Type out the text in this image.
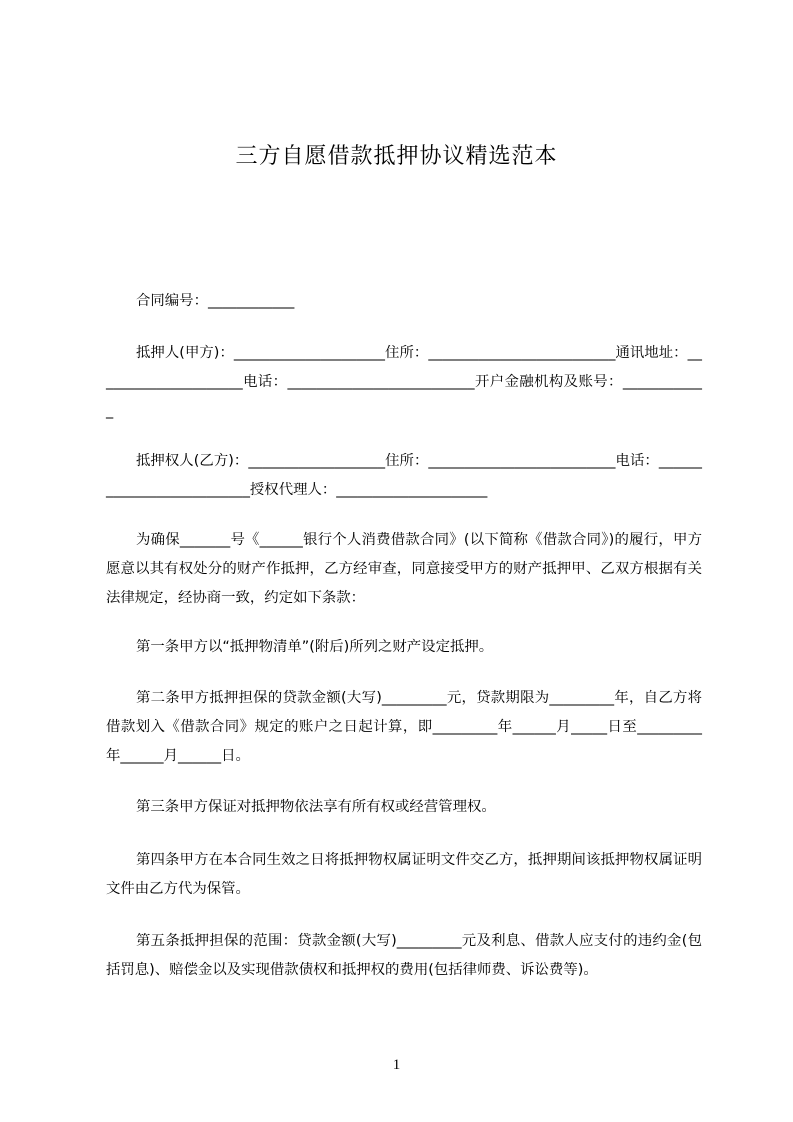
三方自愿借款抵押协议精选范本
合同编号：____________
抵押人(甲方)：_____________________住所：__________________________通讯地址：_____________________电话：__________________________开户金融机构及账号：____________
抵押权人(乙方)：___________________住所：__________________________电话：__________________________授权代理人：_____________________
为确保_______号《______银行个人消费借款合同》(以下简称《借款合同》)的履行，甲方愿意以其有权处分的财产作抵押，乙方经审查，同意接受甲方的财产抵押甲、乙双方根据有关法律规定，经协商一致，约定如下条款：
第一条甲方以“抵押物清单”(附后)所列之财产设定抵押。
第二条甲方抵押担保的贷款金额(大写)_________元，贷款期限为_________年，自乙方将借款划入《借款合同》规定的账户之日起计算，即_________年______月_____日至_________年______月______日。
第三条甲方保证对抵押物依法享有所有权或经营管理权。
第四条甲方在本合同生效之日将抵押物权属证明文件交乙方，抵押期间该抵押物权属证明文件由乙方代为保管。
第五条抵押担保的范围：贷款金额(大写)_________元及利息、借款人应支付的违约金(包括罚息)、赔偿金以及实现借款债权和抵押权的费用(包括律师费、诉讼费等)。
1
